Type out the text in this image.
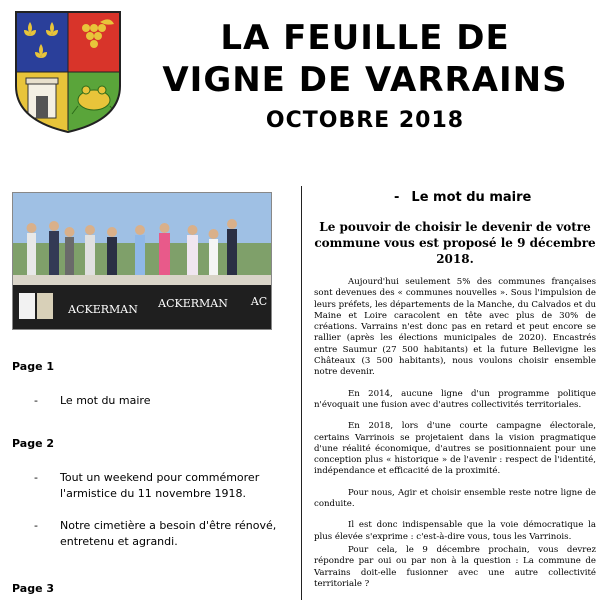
LA FEUILLE DE
VIGNE DE VARRAINS
OCTOBRE 2018
ACKERMAN ACKERMAN AC

Page 1

-	Le mot du maire

Page 2

-	Tout un weekend pour commémorer l'armistice du 11 novembre 1918.
-	Notre cimetière a besoin d'être rénové, entretenu et agrandi.

Page 3

- Le mot du maire
Le pouvoir de choisir le devenir de votre commune vous est proposé le 9 décembre 2018.

Aujourd'hui seulement 5% des communes françaises sont devenues des « communes nouvelles ». Sous l'impulsion de leurs préfets, les départements de la Manche, du Calvados et du Maine et Loire caracolent en tête avec plus de 30% de créations. Varrains n'est donc pas en retard et peut encore se rallier (après les élections municipales de 2020). Encastrés entre Saumur (27 500 habitants) et la future Bellevigne les Châteaux (3 500 habitants), nous voulons choisir ensemble notre devenir.

En 2014, aucune ligne d'un programme politique n'évoquait une fusion avec d'autres collectivités territoriales.

En 2018, lors d'une courte campagne électorale, certains Varrinois se projetaient dans la vision pragmatique d'une réalité économique, d'autres se positionnaient pour une conception plus « historique » de l'avenir : respect de l'identité, indépendance et efficacité de la proximité.

Pour nous, Agir et choisir ensemble reste notre ligne de conduite.

Il est donc indispensable que la voie démocratique la plus élevée s'exprime : c'est-à-dire vous, tous les Varrinois.

Pour cela, le 9 décembre prochain, vous devrez répondre par oui ou par non à la question : La commune de Varrains doit-elle fusionner avec une autre collectivité territoriale ?
